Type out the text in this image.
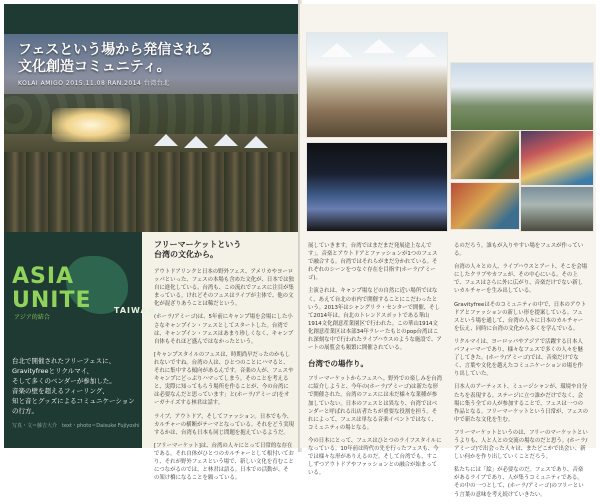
フェスという場から発信される
文化創造コミュニティ。
KOLAI AMIGO 2015.11.08 RAN.2014 台湾台北
ASIA
UNITE
アジア的結合
TAIWAN

台北で開催されたフリーフェスに、

Gravityfreeとリクルマイ、

そして多くのベンダーが参加した。

音楽の壁を超えるフィーリング、

知と音とグッズによるコミュニケーションの行方。

写真・文＝藤吉大介　text・photo＝Daisuke Fujiyoshi
フリーマーケットという
台湾の文化から。

アウトドアリンクと日本の野外フェス、アメリカやヨーロッパといった、フェスの本場も含めた文化が、日本では独自に進化している。台湾も、この流れでフェスに注目が集まっている。けれどそのフェスはライブが主体で、他の文化が混ざりあうことは稀だという。

(ホーラ/アミーゴ)は、5年前にキャンプ場を会場にした小さなキャンプイン・フェスとしてスタートした。台湾では、キャンプイン・フェスはあまり珍しくなく、キャンプ自体もそれほど盛んではなかったという。

[キャンプスタイルのフェスは、時期尚早だったのかもしれないですね。台湾の人は、ひとつのことにハマると、それに集中する傾向があるんです。音楽の人が、フェスやキャンプにどっぷりハマってしまう。そのことを考えると、実際に知ってもらう場所を作ることが、今の台湾には必要なんだと思っています」と(ホーラ/アミーゴ)をオーガナイズする林君は話す。

ライブ、アウトドア、そしてファッション。日本でも今、カルチャーの横断がテーマとなっている。それをどう実現するかは、台湾も日本も同じ問題を抱えているようだ。

[フリーマーケット]は、台湾の人々にとって日常的な存在である。それ自体がひとつのカルチャーとして根付いており、それが野外フェスという場で、新しい文化を育むことにつながるのでは、と林君は語る。日本での活動が、その架け橋になることを願っている。

展していきます。台湾ではまだまだ発展途上なんです」。音楽とアウトドアとファッションが1つのフェスで融合する。台湾ではそれらがまだ分かれている。それぞれのシーンをつなぐ存在を目指す(ホーラ/アミーゴ)。

主演されは、キャンプ場などの自然に近い場所ではなく、あえて台北の市内で開催することにこだわったという。2013年はシャングリラ・センターで開催、そして2014年は、台北のトレンドスポットである華山1914文化創意産業園区で行われた。この華山1914文化創意産業区は本部34年ラレーたもとのpop台湾はこれ深刻な中で行われたライブハウスのような施設で、アートの展覧会も頻繁に開催されている。

台湾での場作り。

フリーマーケットからフェスへ。野外での楽しみを台湾に紹介しようと、今年の(ホーラ/アミーゴ)は新たな形で開催された。台湾のフェスには未だ様々な業種が参加していない。日本のフェスとは異なり、台湾ではベンダーと呼ばれる出店者たちが重要な役割を担う。それによって、フェスは単なる音楽イベントではなく、コミュニティの場となる。

今の日本にとって、フェスはひとつのライフスタイルになっている。10年前は時代の先を行ったフェスも、今では様々な形がありえるのだ。そして台湾でも、すこしずつアウトドアやファッションとの融合が始まっている。

るのだろう。誰もが入りやすい場をフェスが作っている。

台湾の人々との人、ライブハウスとアート、そこを会場にしたクラブやカフェが、その中心にいる。その上で、フェスはさらに外に広がり、音楽だけでない新しいカルチャーを生み出している。

Gravityfreeはそのコミュニティの中で、日本のアウトドアとファッションの新しい形を提案している。フェスという場を通して、台湾の人々に日本のカルチャーを伝え、同時に台湾の文化から多くを学んでいる。

リクルマイは、ヨーロッパやアジアで活躍する日本人パフォーマーであり、様々なフェスで多くの人々を魅了してきた。(ホーラ/アミーゴ)では、音楽だけでなく、言葉や文化を越えたコミュニケーションの場を作り出していた。

日本人のアーティスト、ミュージシャンが、環境や自分たちを表現する。ステージに立つ誰かだけでなく、会場に集う全ての人が参加することで、フェスは一つの作品となる。フリーマーケットという日常が、フェスの中で新たな文化を生む。

フリーマーケットというのは、フリーのマーケットというよりも、人と人との交流の場なのだと思う。(ホーラ/アミーゴ)で出会った人々は、またどこかで出会い、新しい何かを作り出していくことだろう。

私たちには「絵」が必要なのだ。フェスであり、音楽があるライブであり、人が集うコミュニティである。その中の一つとして、(ホーラ/アミーゴ)のフリーという言葉の意味を考え続けていきたい。
